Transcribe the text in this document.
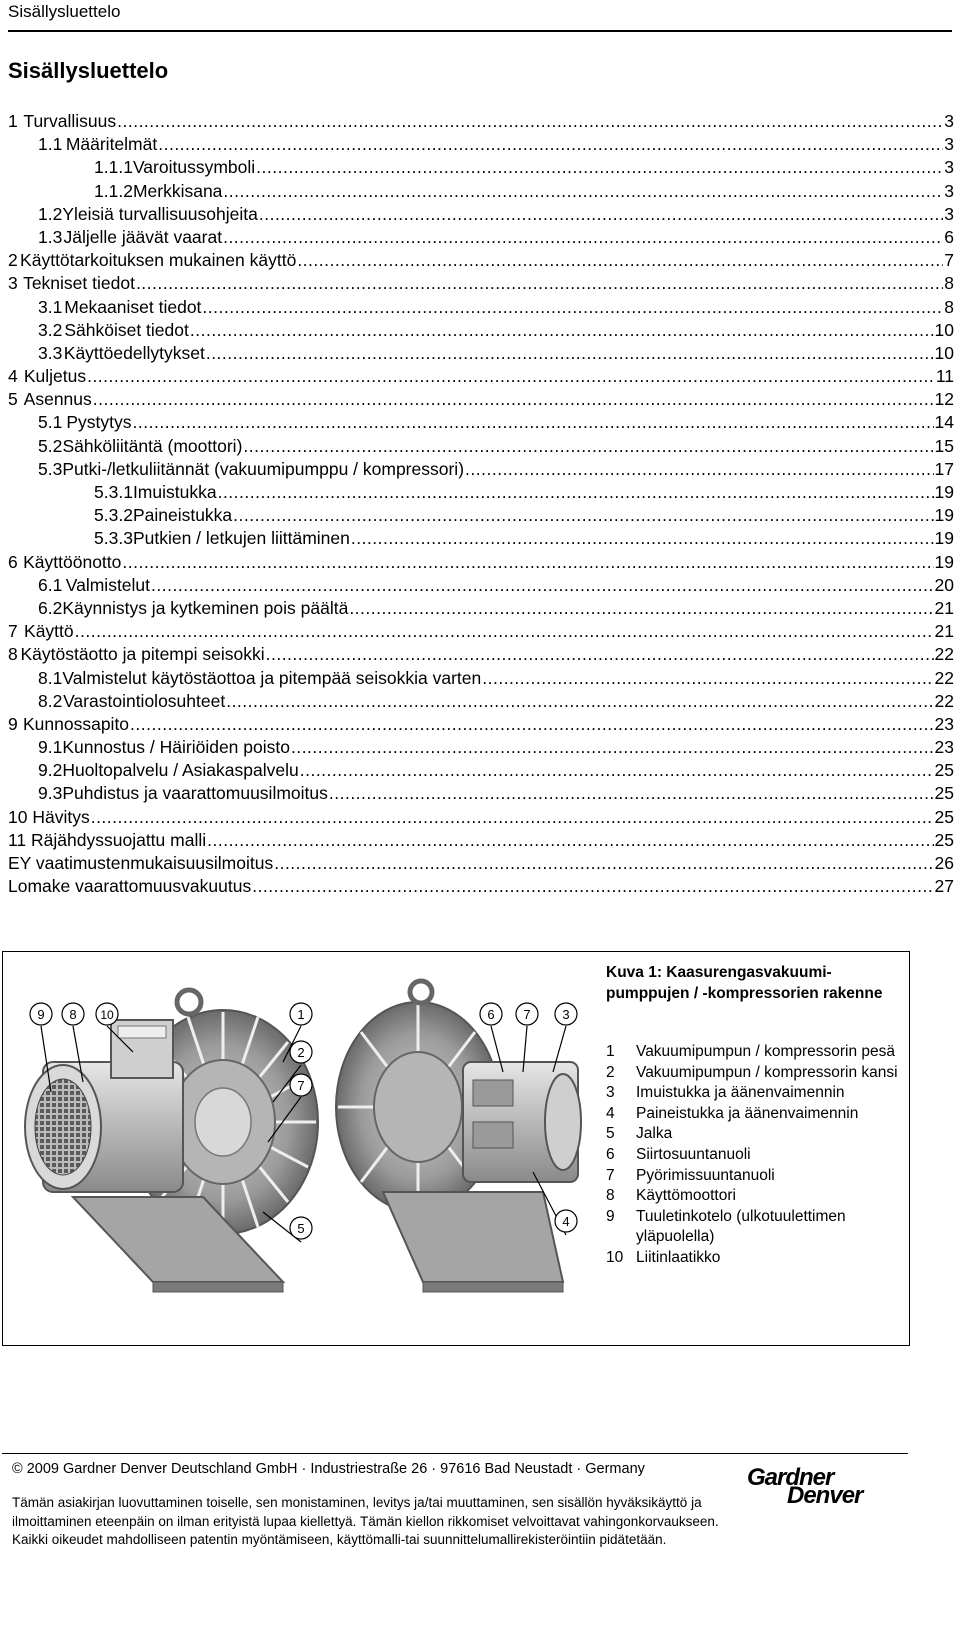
Sisällysluettelo
Sisällysluettelo
1 Turvallisuus .....	3
1.1 Määritelmät .....	3
1.1.1 Varoitussymboli .....	3
1.1.2 Merkkisana .....	3
1.2 Yleisiä turvallisuusohjeita .....	3
1.3 Jäljelle jäävät vaarat .....	6
2 Käyttötarkoituksen mukainen käyttö .....	7
3 Tekniset tiedot .....	8
3.1 Mekaaniset tiedot .....	8
3.2 Sähköiset tiedot .....	10
3.3 Käyttöedellytykset .....	10
4 Kuljetus .....	11
5 Asennus .....	12
5.1 Pystytys .....	14
5.2 Sähköliitäntä (moottori) .....	15
5.3 Putki-/letkuliitännät (vakuumipumppu / kompressori) .....	17
5.3.1 Imuistukka .....	19
5.3.2 Paineistukka .....	19
5.3.3 Putkien / letkujen liittäminen .....	19
6 Käyttöönotto .....	19
6.1 Valmistelut .....	20
6.2 Käynnistys ja kytkeminen pois päältä .....	21
7 Käyttö .....	21
8 Käytöstäotto ja pitempi seisokki .....	22
8.1 Valmistelut käytöstäottoa ja pitempää seisokkia varten .....	22
8.2 Varastointiolosuhteet .....	22
9 Kunnossapito .....	23
9.1 Kunnostus / Häiriöiden poisto .....	23
9.2 Huoltopalvelu / Asiakaspalvelu .....	25
9.3 Puhdistus ja vaarattomuusilmoitus .....	25
10 Hävitys .....	25
11 Räjähdyssuojattu malli .....	25
EY vaatimustenmukaisuusilmoitus .....	26
Lomake vaarattomuusvakuutus .....	27
9 8 10	1
2
7
5
6 7 3
4
Kuva 1: Kaasurengasvakuumi-pumppujen / -kompressorien rakenne
1	Vakuumipumpun / kompressorin pesä
2	Vakuumipumpun / kompressorin kansi
3	Imuistukka ja äänenvaimennin
4	Paineistukka ja äänenvaimennin
5	Jalka
6	Siirtosuuntanuoli
7	Pyörimissuuntanuoli
8	Käyttömoottori
9	Tuuletinkotelo (ulkotuulettimen yläpuolella)
10 Liitinlaatikko
© 2009 Gardner Denver Deutschland GmbH · Industriestraße 26 · 97616 Bad Neustadt · Germany
Tämän asiakirjan luovuttaminen toiselle, sen monistaminen, levitys ja/tai muuttaminen, sen sisällön hyväksikäyttö ja ilmoittaminen eteenpäin on ilman erityistä lupaa kiellettyä. Tämän kiellon rikkomiset velvoittavat vahingonkorvaukseen. Kaikki oikeudet mahdolliseen patentin myöntämiseen, käyttömalli-tai suunnittelumallirekisteröintiin pidätetään.
Gardner
Denver
